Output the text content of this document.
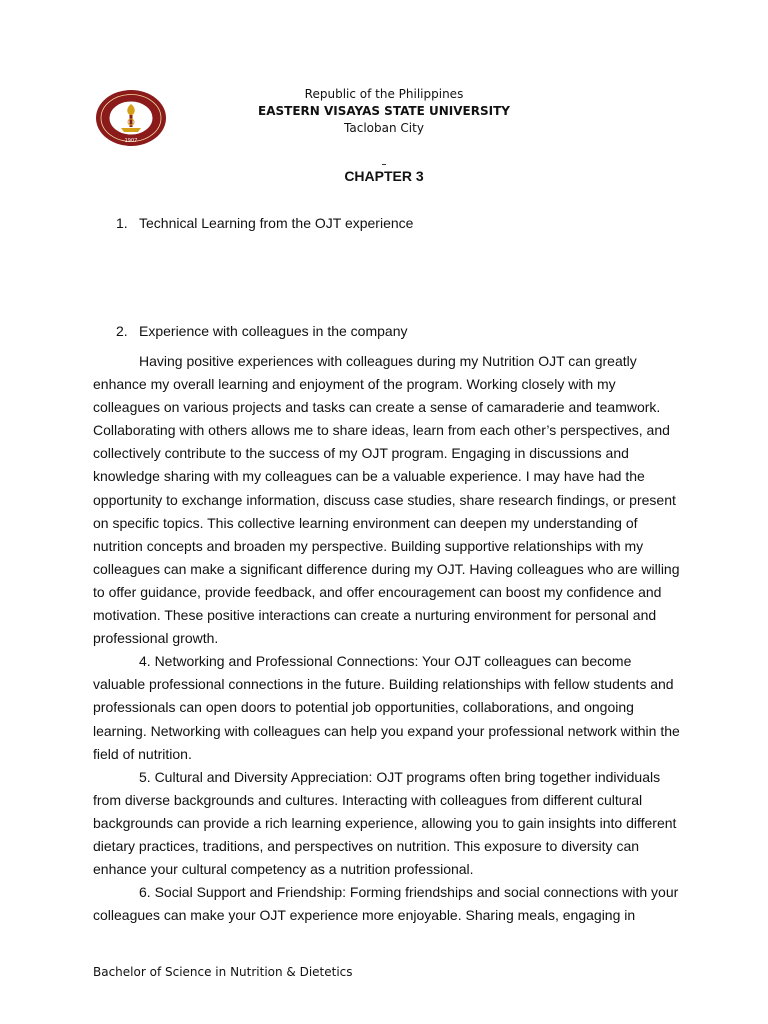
1907
Republic of the Philippines
EASTERN VISAYAS STATE UNIVERSITY
Tacloban City
CHAPTER 3
1. Technical Learning from the OJT experience
2. Experience with colleagues in the company

Having positive experiences with colleagues during my Nutrition OJT can greatly enhance my overall learning and enjoyment of the program. Working closely with my colleagues on various projects and tasks can create a sense of camaraderie and teamwork. Collaborating with others allows me to share ideas, learn from each other’s perspectives, and collectively contribute to the success of my OJT program. Engaging in discussions and knowledge sharing with my colleagues can be a valuable experience. I may have had the opportunity to exchange information, discuss case studies, share research findings, or present on specific topics. This collective learning environment can deepen my understanding of nutrition concepts and broaden my perspective. Building supportive relationships with my colleagues can make a significant difference during my OJT. Having colleagues who are willing to offer guidance, provide feedback, and offer encouragement can boost my confidence and motivation. These positive interactions can create a nurturing environment for personal and professional growth.

4. Networking and Professional Connections: Your OJT colleagues can become valuable professional connections in the future. Building relationships with fellow students and professionals can open doors to potential job opportunities, collaborations, and ongoing learning. Networking with colleagues can help you expand your professional network within the field of nutrition.

5. Cultural and Diversity Appreciation: OJT programs often bring together individuals from diverse backgrounds and cultures. Interacting with colleagues from different cultural backgrounds can provide a rich learning experience, allowing you to gain insights into different dietary practices, traditions, and perspectives on nutrition. This exposure to diversity can enhance your cultural competency as a nutrition professional.

6. Social Support and Friendship: Forming friendships and social connections with your colleagues can make your OJT experience more enjoyable. Sharing meals, engaging in

Bachelor of Science in Nutrition & Dietetics
